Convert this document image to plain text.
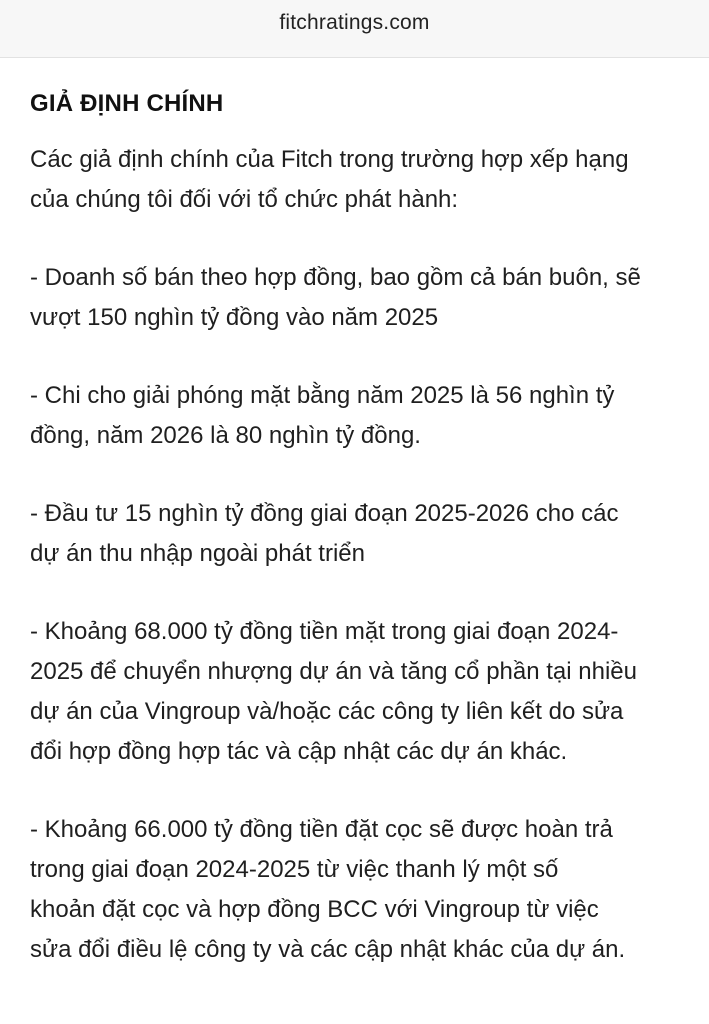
fitchratings.com
GIẢ ĐỊNH CHÍNH

Các giả định chính của Fitch trong trường hợp xếp hạng
của chúng tôi đối với tổ chức phát hành:

- Doanh số bán theo hợp đồng, bao gồm cả bán buôn, sẽ
vượt 150 nghìn tỷ đồng vào năm 2025

- Chi cho giải phóng mặt bằng năm 2025 là 56 nghìn tỷ
đồng, năm 2026 là 80 nghìn tỷ đồng.

- Đầu tư 15 nghìn tỷ đồng giai đoạn 2025-2026 cho các
dự án thu nhập ngoài phát triển

- Khoảng 68.000 tỷ đồng tiền mặt trong giai đoạn 2024-
2025 để chuyển nhượng dự án và tăng cổ phần tại nhiều
dự án của Vingroup và/hoặc các công ty liên kết do sửa
đổi hợp đồng hợp tác và cập nhật các dự án khác.

- Khoảng 66.000 tỷ đồng tiền đặt cọc sẽ được hoàn trả
trong giai đoạn 2024-2025 từ việc thanh lý một số
khoản đặt cọc và hợp đồng BCC với Vingroup từ việc
sửa đổi điều lệ công ty và các cập nhật khác của dự án.
